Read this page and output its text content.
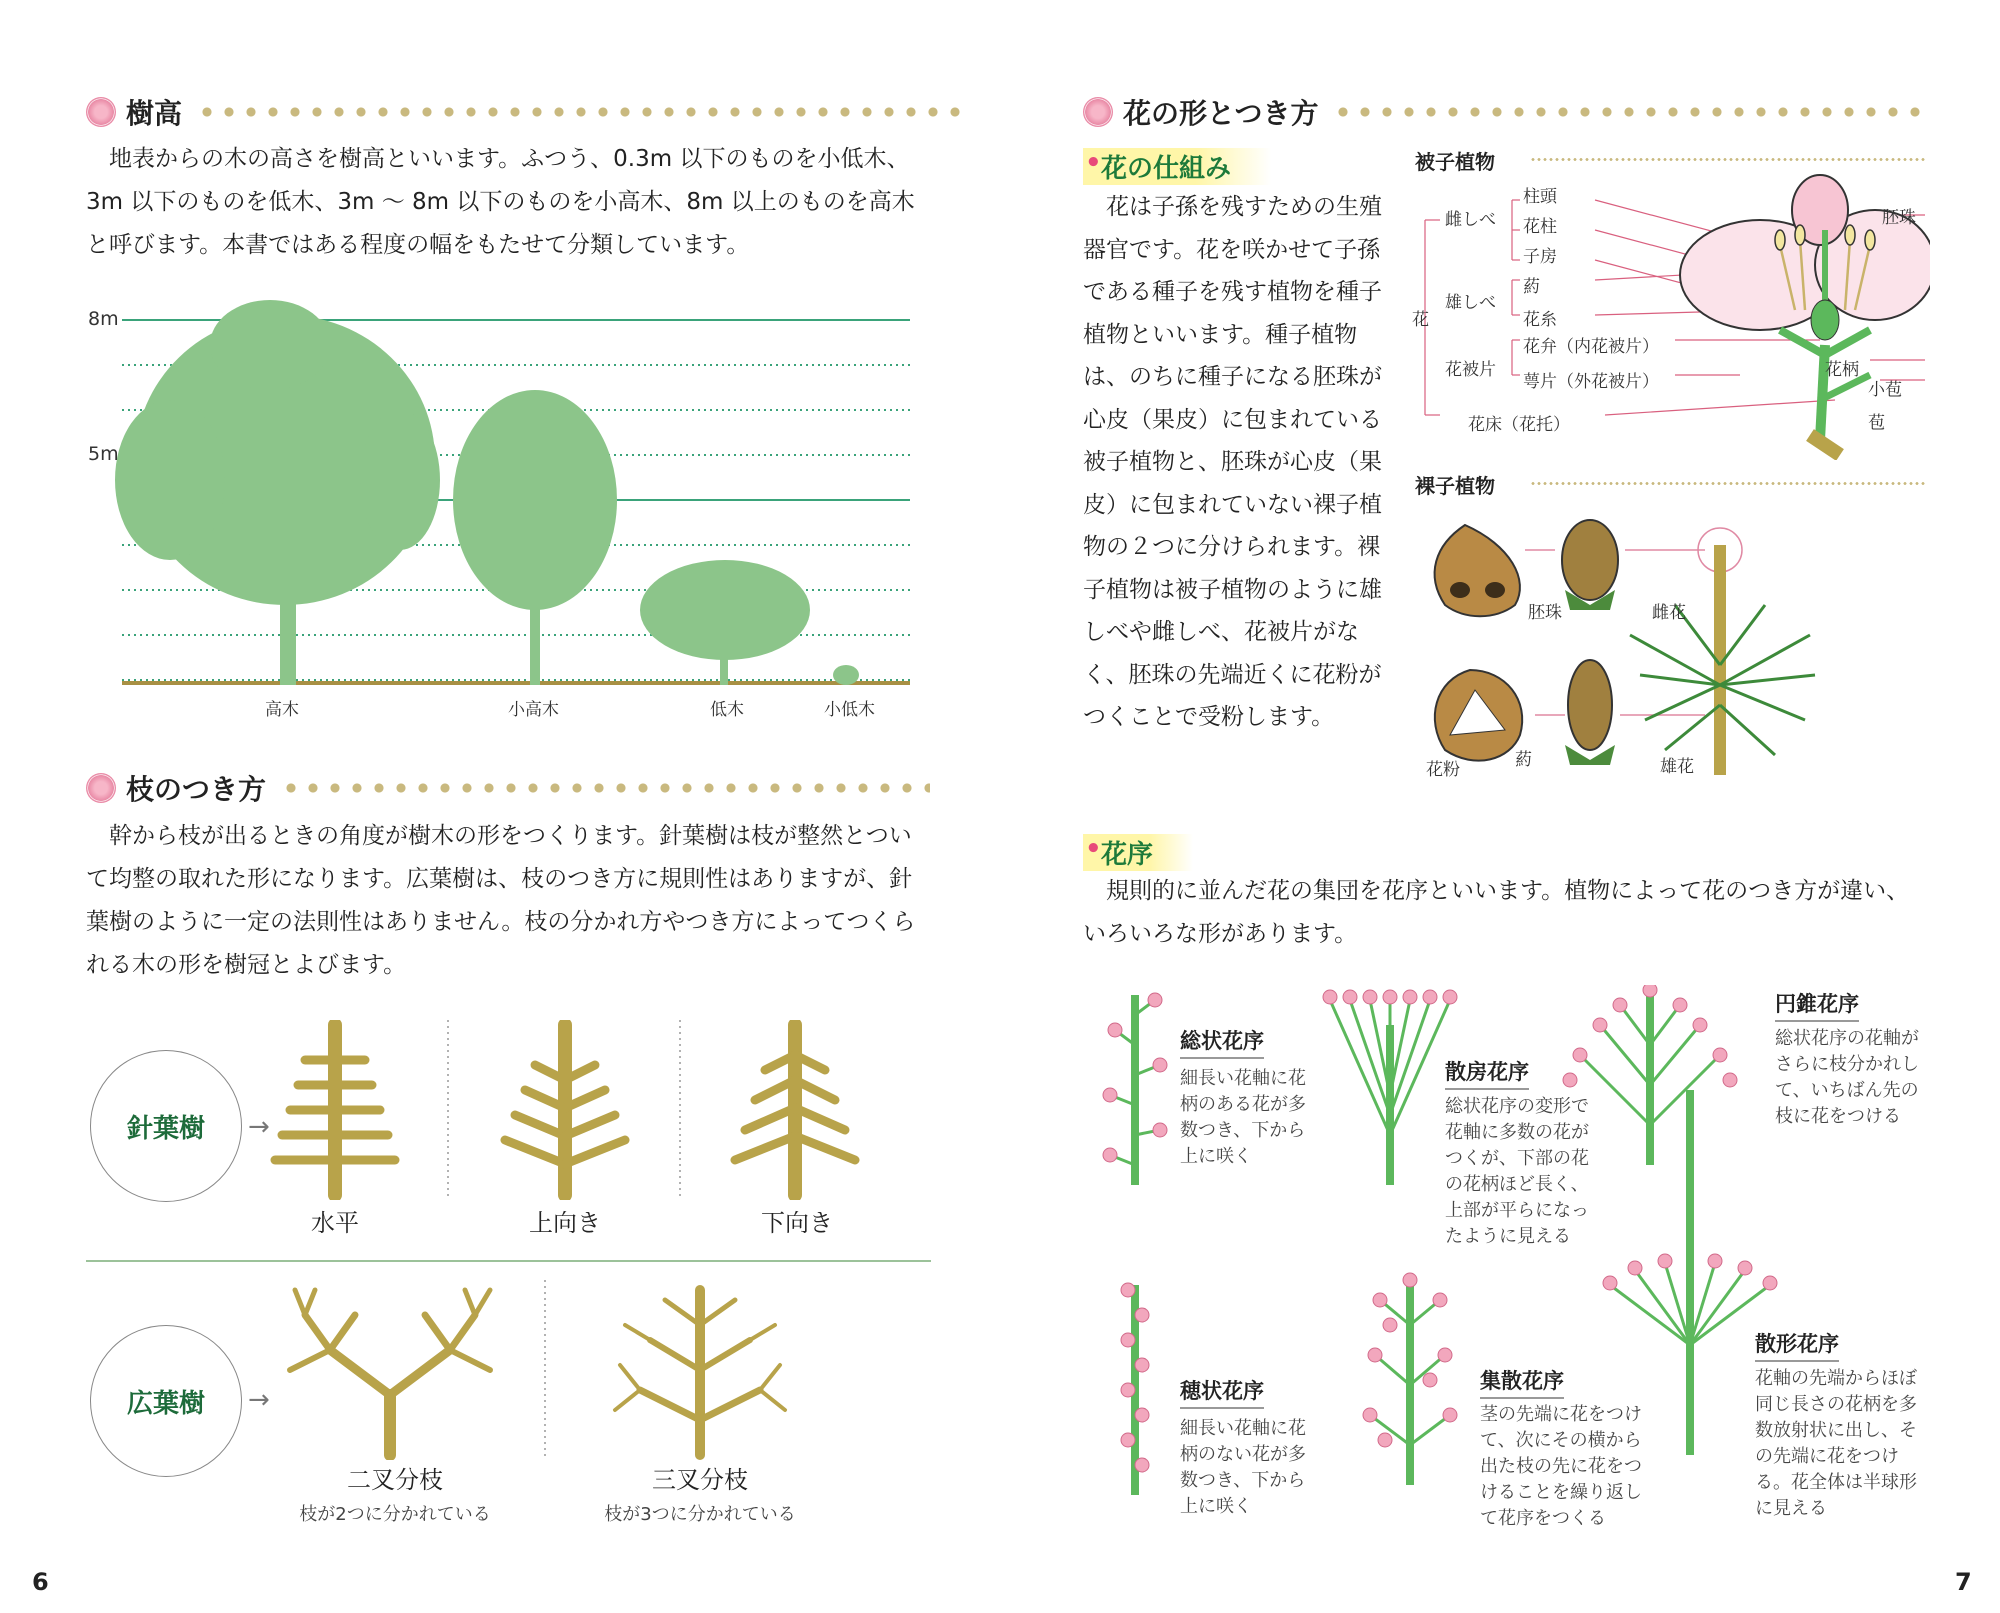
樹高

地表からの木の高さを樹高といいます。ふつう、0.3m 以下のものを小低木、3m 以下のものを低木、3m ～ 8m 以下のものを小高木、8m 以上のものを高木と呼びます。本書ではある程度の幅をもたせて分類しています。

8m
5m
高木	小高木	低木	小低木
枝のつき方

幹から枝が出るときの角度が樹木の形をつくります。針葉樹は枝が整然とついて均整の取れた形になります。広葉樹は、枝のつき方に規則性はありますが、針葉樹のように一定の法則性はありません。枝の分かれ方やつき方によってつくられる木の形を樹冠とよびます。

針葉樹	→
水平	上向き	下向き
広葉樹	→
二叉分枝
枝が2つに分かれている
三叉分枝
枝が3つに分かれている
6
花の形とつき方
• 花の仕組み

花は子孫を残すための生殖器官です。花を咲かせて子孫である種子を残す植物を種子植物といいます。種子植物は、のちに種子になる胚珠が心皮（果皮）に包まれている被子植物と、胚珠が心皮（果皮）に包まれていない裸子植物の２つに分けられます。裸子植物は被子植物のように雄しべや雌しべ、花被片がなく、胚珠の先端近くに花粉がつくことで受粉します。

被子植物
花
雌しべ
柱頭
花柱
子房
雄しべ
葯
花糸
花被片
花弁（内花被片）
萼片（外花被片）
花床（花托）
胚珠
花柄
小苞
苞
裸子植物
胚珠	雌花
花粉	葯	雄花
• 花序

規則的に並んだ花の集団を花序といいます。植物によって花のつき方が違い、いろいろな形があります。

総状花序
細長い花軸に花柄のある花が多数つき、下から上に咲く
散房花序
総状花序の変形で花軸に多数の花がつくが、下部の花の花柄ほど長く、上部が平らになったように見える
円錐花序
総状花序の花軸がさらに枝分かれして、いちばん先の枝に花をつける
穂状花序
細長い花軸に花柄のない花が多数つき、下から上に咲く
集散花序
茎の先端に花をつけて、次にその横から出た枝の先に花をつけることを繰り返して花序をつくる
散形花序
花軸の先端からほぼ同じ長さの花柄を多数放射状に出し、その先端に花をつける。花全体は半球形に見える
7
